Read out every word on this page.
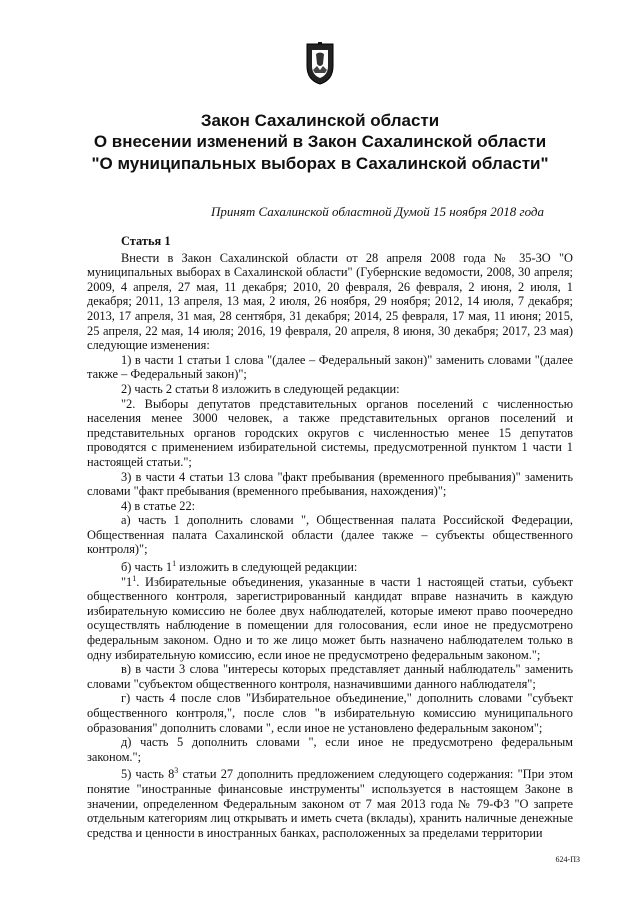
Закон Сахалинской области
О внесении изменений в Закон Сахалинской области "О муниципальных выборах в Сахалинской области"
Принят Сахалинской областной Думой 15 ноября 2018 года

Статья 1

Внести в Закон Сахалинской области от 28 апреля 2008 года № 35-ЗО "О муниципальных выборах в Сахалинской области" (Губернские ведомости, 2008, 30 апреля; 2009, 4 апреля, 27 мая, 11 декабря; 2010, 20 февраля, 26 февраля, 2 июня, 2 июля, 1 декабря; 2011, 13 апреля, 13 мая, 2 июля, 26 ноября, 29 ноября; 2012, 14 июля, 7 декабря; 2013, 17 апреля, 31 мая, 28 сентября, 31 декабря; 2014, 25 февраля, 17 мая, 11 июня; 2015, 25 апреля, 22 мая, 14 июля; 2016, 19 февраля, 20 апреля, 8 июня, 30 декабря; 2017, 23 мая) следующие изменения:

1) в части 1 статьи 1 слова "(далее – Федеральный закон)" заменить словами "(далее также – Федеральный закон)";

2) часть 2 статьи 8 изложить в следующей редакции:

"2. Выборы депутатов представительных органов поселений с численностью населения менее 3000 человек, а также представительных органов поселений и представительных органов городских округов с численностью менее 15 депутатов проводятся с применением избирательной системы, предусмотренной пунктом 1 части 1 настоящей статьи.";

3) в части 4 статьи 13 слова "факт пребывания (временного пребывания)" заменить словами "факт пребывания (временного пребывания, нахождения)";

4) в статье 22:

а) часть 1 дополнить словами ", Общественная палата Российской Федерации, Общественная палата Сахалинской области (далее также – субъекты общественного контроля)";

б) часть $1^1$ изложить в следующей редакции:

"$1^1$. Избирательные объединения, указанные в части 1 настоящей статьи, субъект общественного контроля, зарегистрированный кандидат вправе назначить в каждую избирательную комиссию не более двух наблюдателей, которые имеют право поочередно осуществлять наблюдение в помещении для голосования, если иное не предусмотрено федеральным законом. Одно и то же лицо может быть назначено наблюдателем только в одну избирательную комиссию, если иное не предусмотрено федеральным законом.";

в) в части 3 слова "интересы которых представляет данный наблюдатель" заменить словами "субъектом общественного контроля, назначившими данного наблюдателя";

г) часть 4 после слов "Избирательное объединение," дополнить словами "субъект общественного контроля,", после слов "в избирательную комиссию муниципального образования" дополнить словами ", если иное не установлено федеральным законом";

д) часть 5 дополнить словами ", если иное не предусмотрено федеральным законом.";

5) часть $8^3$ статьи 27 дополнить предложением следующего содержания: "При этом понятие "иностранные финансовые инструменты" используется в настоящем Законе в значении, определенном Федеральным законом от 7 мая 2013 года № 79-ФЗ "О запрете отдельным категориям лиц открывать и иметь счета (вклады), хранить наличные денежные средства и ценности в иностранных банках, расположенных за пределами территории

624-ПЗ
